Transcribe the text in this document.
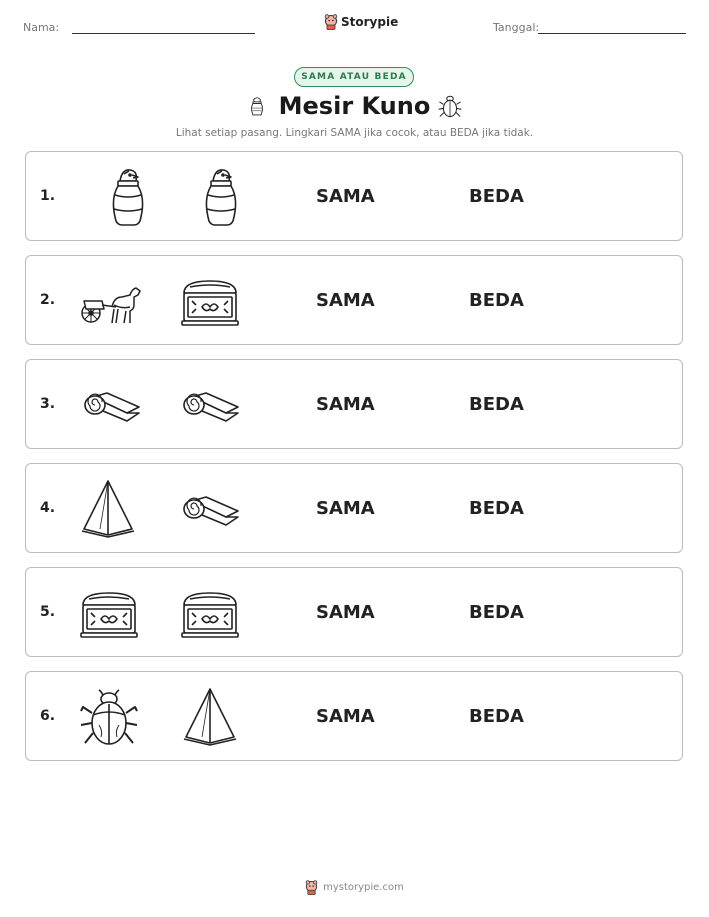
Nama:	Storypie	Tanggal:
SAMA ATAU BEDA
Mesir Kuno
Lihat setiap pasang. Lingkari SAMA jika cocok, atau BEDA jika tidak.
1.	SAMA	BEDA
2.	SAMA	BEDA
3.	SAMA	BEDA
4.	SAMA	BEDA
5.	SAMA	BEDA
6.	SAMA	BEDA
mystorypie.com
